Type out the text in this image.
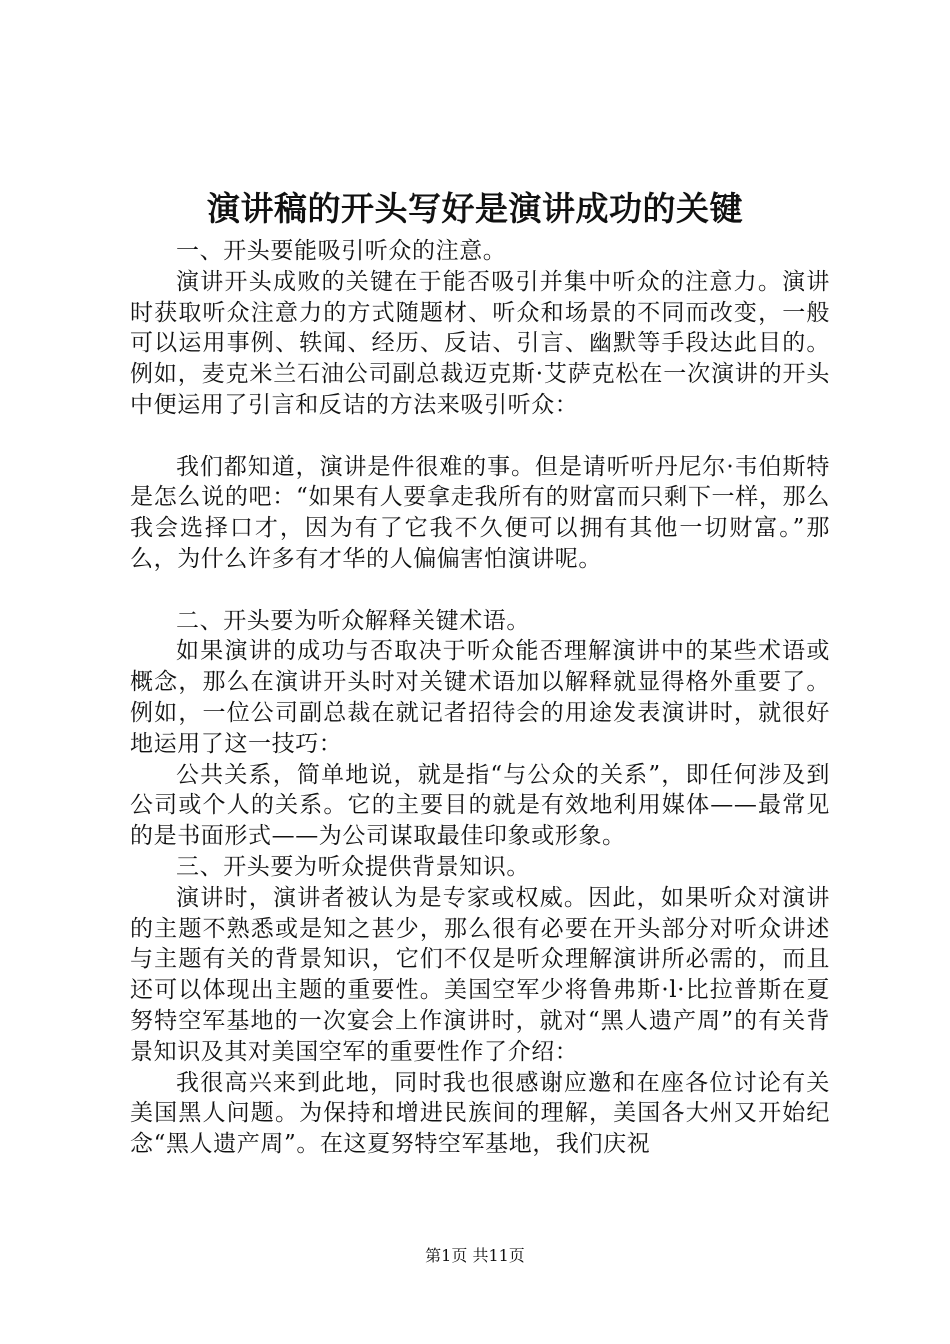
演讲稿的开头写好是演讲成功的关键

一、开头要能吸引听众的注意。

演讲开头成败的关键在于能否吸引并集中听众的注意力。演讲时获取听众注意力的方式随题材、听众和场景的不同而改变，一般可以运用事例、轶闻、经历、反诘、引言、幽默等手段达此目的。例如，麦克米兰石油公司副总裁迈克斯·艾萨克松在一次演讲的开头中便运用了引言和反诘的方法来吸引听众：

我们都知道，演讲是件很难的事。但是请听听丹尼尔·韦伯斯特是怎么说的吧：“如果有人要拿走我所有的财富而只剩下一样，那么我会选择口才，因为有了它我不久便可以拥有其他一切财富。”那么，为什么许多有才华的人偏偏害怕演讲呢。

二、开头要为听众解释关键术语。

如果演讲的成功与否取决于听众能否理解演讲中的某些术语或概念，那么在演讲开头时对关键术语加以解释就显得格外重要了。例如，一位公司副总裁在就记者招待会的用途发表演讲时，就很好地运用了这一技巧：

公共关系，简单地说，就是指“与公众的关系”，即任何涉及到公司或个人的关系。它的主要目的就是有效地利用媒体——最常见的是书面形式——为公司谋取最佳印象或形象。

三、开头要为听众提供背景知识。

演讲时，演讲者被认为是专家或权威。因此，如果听众对演讲的主题不熟悉或是知之甚少，那么很有必要在开头部分对听众讲述与主题有关的背景知识，它们不仅是听众理解演讲所必需的，而且还可以体现出主题的重要性。美国空军少将鲁弗斯·l·比拉普斯在夏努特空军基地的一次宴会上作演讲时，就对“黑人遗产周”的有关背景知识及其对美国空军的重要性作了介绍：

我很高兴来到此地，同时我也很感谢应邀和在座各位讨论有关美国黑人问题。为保持和增进民族间的理解，美国各大州又开始纪念“黑人遗产周”。在这夏努特空军基地，我们庆祝

第1页 共11页
